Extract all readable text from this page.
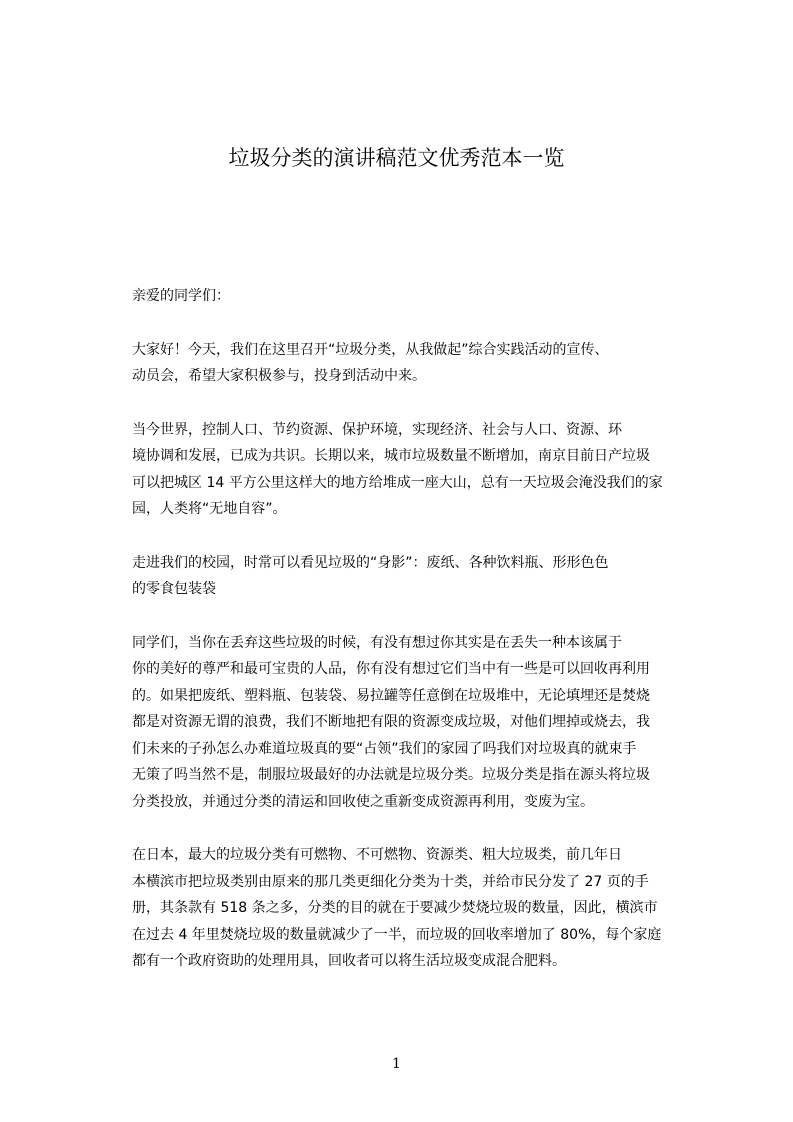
垃圾分类的演讲稿范文优秀范本一览

亲爱的同学们：

大家好！今天，我们在这里召开“垃圾分类，从我做起”综合实践活动的宣传、
动员会，希望大家积极参与，投身到活动中来。

当今世界，控制人口、节约资源、保护环境，实现经济、社会与人口、资源、环
境协调和发展，已成为共识。长期以来，城市垃圾数量不断增加，南京目前日产垃圾
可以把城区 14 平方公里这样大的地方给堆成一座大山，总有一天垃圾会淹没我们的家
园，人类将“无地自容”。

走进我们的校园，时常可以看见垃圾的“身影”：废纸、各种饮料瓶、形形色色
的零食包装袋

同学们，当你在丢弃这些垃圾的时候，有没有想过你其实是在丢失一种本该属于
你的美好的尊严和最可宝贵的人品，你有没有想过它们当中有一些是可以回收再利用
的。如果把废纸、塑料瓶、包装袋、易拉罐等任意倒在垃圾堆中，无论填埋还是焚烧
都是对资源无谓的浪费，我们不断地把有限的资源变成垃圾，对他们埋掉或烧去，我
们未来的子孙怎么办难道垃圾真的要“占领”我们的家园了吗我们对垃圾真的就束手
无策了吗当然不是，制服垃圾最好的办法就是垃圾分类。垃圾分类是指在源头将垃圾
分类投放，并通过分类的清运和回收使之重新变成资源再利用，变废为宝。

在日本，最大的垃圾分类有可燃物、不可燃物、资源类、粗大垃圾类，前几年日
本横滨市把垃圾类别由原来的那几类更细化分类为十类，并给市民分发了 27 页的手
册，其条款有 518 条之多，分类的目的就在于要减少焚烧垃圾的数量，因此，横滨市
在过去 4 年里焚烧垃圾的数量就减少了一半，而垃圾的回收率增加了 80%，每个家庭
都有一个政府资助的处理用具，回收者可以将生活垃圾变成混合肥料。

1
